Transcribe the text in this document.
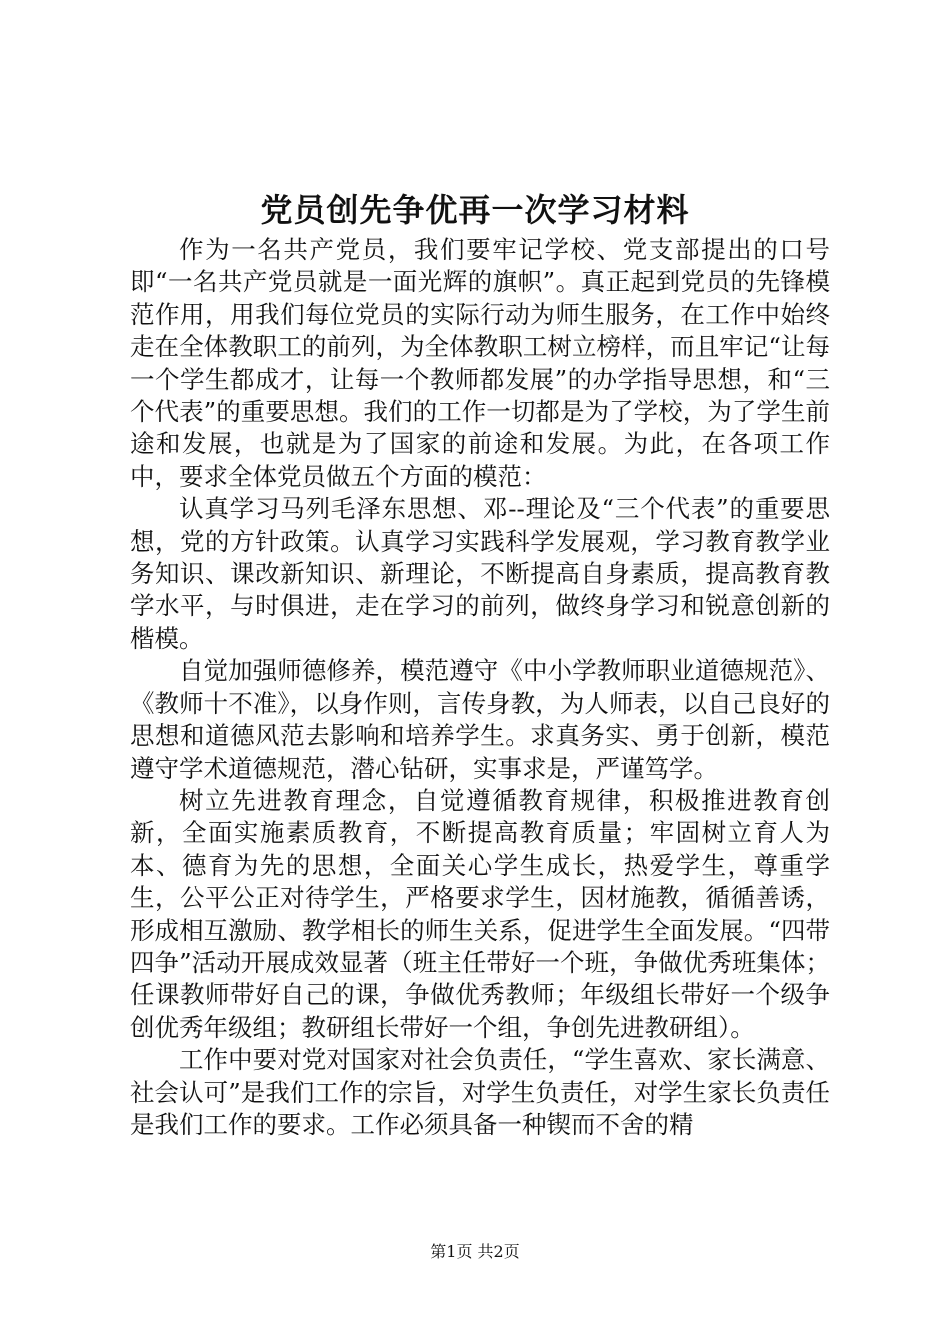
党员创先争优再一次学习材料

作为一名共产党员，我们要牢记学校、党支部提出的口号即“一名共产党员就是一面光辉的旗帜”。真正起到党员的先锋模范作用，用我们每位党员的实际行动为师生服务，在工作中始终走在全体教职工的前列，为全体教职工树立榜样，而且牢记“让每一个学生都成才，让每一个教师都发展”的办学指导思想，和“三个代表”的重要思想。我们的工作一切都是为了学校，为了学生前途和发展，也就是为了国家的前途和发展。为此，在各项工作中，要求全体党员做五个方面的模范：

认真学习马列毛泽东思想、邓--理论及“三个代表”的重要思想，党的方针政策。认真学习实践科学发展观，学习教育教学业务知识、课改新知识、新理论，不断提高自身素质，提高教育教学水平，与时俱进，走在学习的前列，做终身学习和锐意创新的楷模。

自觉加强师德修养，模范遵守《中小学教师职业道德规范》、《教师十不准》，以身作则，言传身教，为人师表，以自己良好的思想和道德风范去影响和培养学生。求真务实、勇于创新，模范遵守学术道德规范，潜心钻研，实事求是，严谨笃学。

树立先进教育理念，自觉遵循教育规律，积极推进教育创新，全面实施素质教育，不断提高教育质量；牢固树立育人为本、德育为先的思想，全面关心学生成长，热爱学生，尊重学生，公平公正对待学生，严格要求学生，因材施教，循循善诱，形成相互激励、教学相长的师生关系，促进学生全面发展。“四带四争”活动开展成效显著（班主任带好一个班，争做优秀班集体；任课教师带好自己的课，争做优秀教师；年级组长带好一个级争创优秀年级组；教研组长带好一个组，争创先进教研组）。

工作中要对党对国家对社会负责任，“学生喜欢、家长满意、社会认可”是我们工作的宗旨，对学生负责任，对学生家长负责任是我们工作的要求。工作必须具备一种锲而不舍的精

第1页 共2页
